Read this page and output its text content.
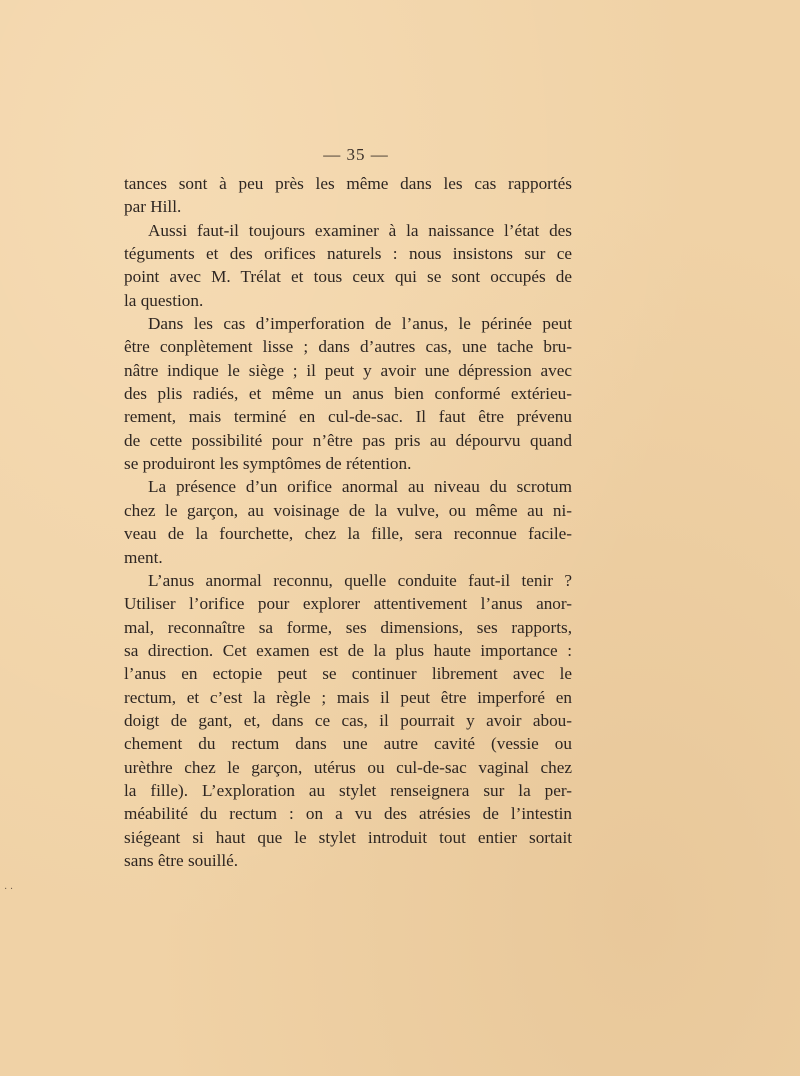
— 35 —
tances sont à peu près les même dans les cas rapportés
par Hill.
Aussi faut-il toujours examiner à la naissance l’état des
téguments et des orifices naturels : nous insistons sur ce
point avec M. Trélat et tous ceux qui se sont occupés de
la question.
Dans les cas d’imperforation de l’anus, le périnée peut
être conplètement lisse ; dans d’autres cas, une tache bru-
nâtre indique le siège ; il peut y avoir une dépression avec
des plis radiés, et même un anus bien conformé extérieu-
rement, mais terminé en cul-de-sac. Il faut être prévenu
de cette possibilité pour n’être pas pris au dépourvu quand
se produiront les symptômes de rétention.
La présence d’un orifice anormal au niveau du scrotum
chez le garçon, au voisinage de la vulve, ou même au ni-
veau de la fourchette, chez la fille, sera reconnue facile-
ment.
L’anus anormal reconnu, quelle conduite faut-il tenir ?
Utiliser l’orifice pour explorer attentivement l’anus anor-
mal, reconnaître sa forme, ses dimensions, ses rapports,
sa direction. Cet examen est de la plus haute importance :
l’anus en ectopie peut se continuer librement avec le
rectum, et c’est la règle ; mais il peut être imperforé en
doigt de gant, et, dans ce cas, il pourrait y avoir abou-
chement du rectum dans une autre cavité (vessie ou
urèthre chez le garçon, utérus ou cul-de-sac vaginal chez
la fille). L’exploration au stylet renseignera sur la per-
méabilité du rectum : on a vu des atrésies de l’intestin
siégeant si haut que le stylet introduit tout entier sortait
sans être souillé.
· ·
